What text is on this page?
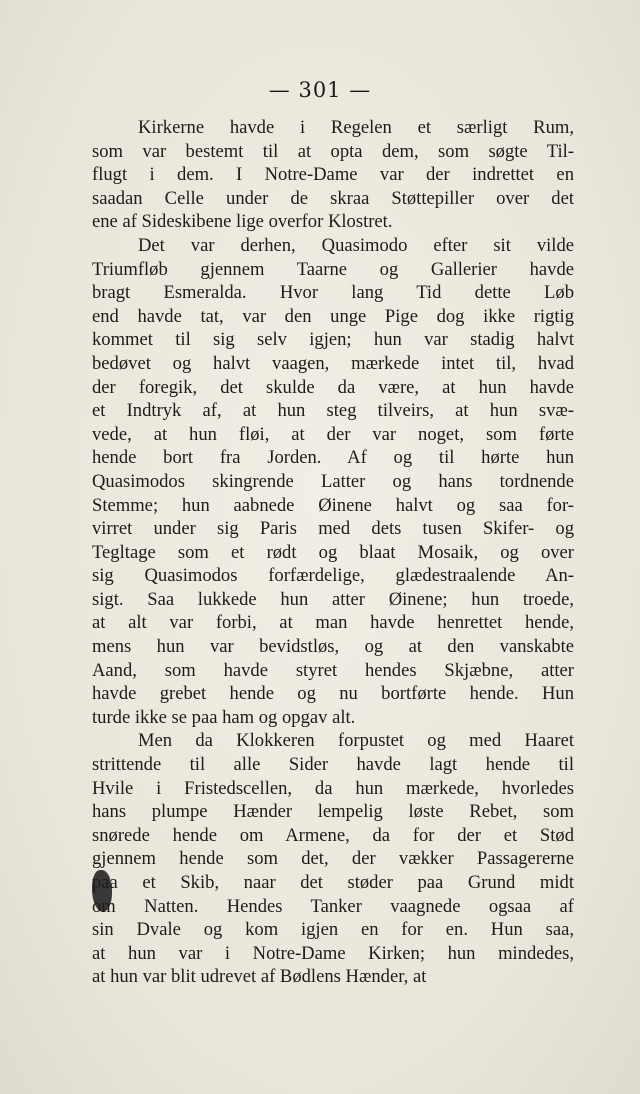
— 301 —
Kirkerne havde i Regelen et særligt Rum,
som var bestemt til at opta dem, som søgte Til-
flugt i dem. I Notre-Dame var der indrettet en
saadan Celle under de skraa Støttepiller over det
ene af Sideskibene lige overfor Klostret.
Det var derhen, Quasimodo efter sit vilde
Triumfløb gjennem Taarne og Gallerier havde
bragt Esmeralda. Hvor lang Tid dette Løb
end havde tat, var den unge Pige dog ikke rigtig
kommet til sig selv igjen; hun var stadig halvt
bedøvet og halvt vaagen, mærkede intet til, hvad
der foregik, det skulde da være, at hun havde
et Indtryk af, at hun steg tilveirs, at hun svæ-
vede, at hun fløi, at der var noget, som førte
hende bort fra Jorden. Af og til hørte hun
Quasimodos skingrende Latter og hans tordnende
Stemme; hun aabnede Øinene halvt og saa for-
virret under sig Paris med dets tusen Skifer- og
Tegltage som et rødt og blaat Mosaik, og over
sig Quasimodos forfærdelige, glædestraalende An-
sigt. Saa lukkede hun atter Øinene; hun troede,
at alt var forbi, at man havde henrettet hende,
mens hun var bevidstløs, og at den vanskabte
Aand, som havde styret hendes Skjæbne, atter
havde grebet hende og nu bortførte hende. Hun
turde ikke se paa ham og opgav alt.
Men da Klokkeren forpustet og med Haaret
strittende til alle Sider havde lagt hende til
Hvile i Fristedscellen, da hun mærkede, hvorledes
hans plumpe Hænder lempelig løste Rebet, som
snørede hende om Armene, da for der et Stød
gjennem hende som det, der vækker Passagererne
paa et Skib, naar det støder paa Grund midt
om Natten. Hendes Tanker vaagnede ogsaa af
sin Dvale og kom igjen en for en. Hun saa,
at hun var i Notre-Dame Kirken; hun mindedes,
at hun var blit udrevet af Bødlens Hænder, at
